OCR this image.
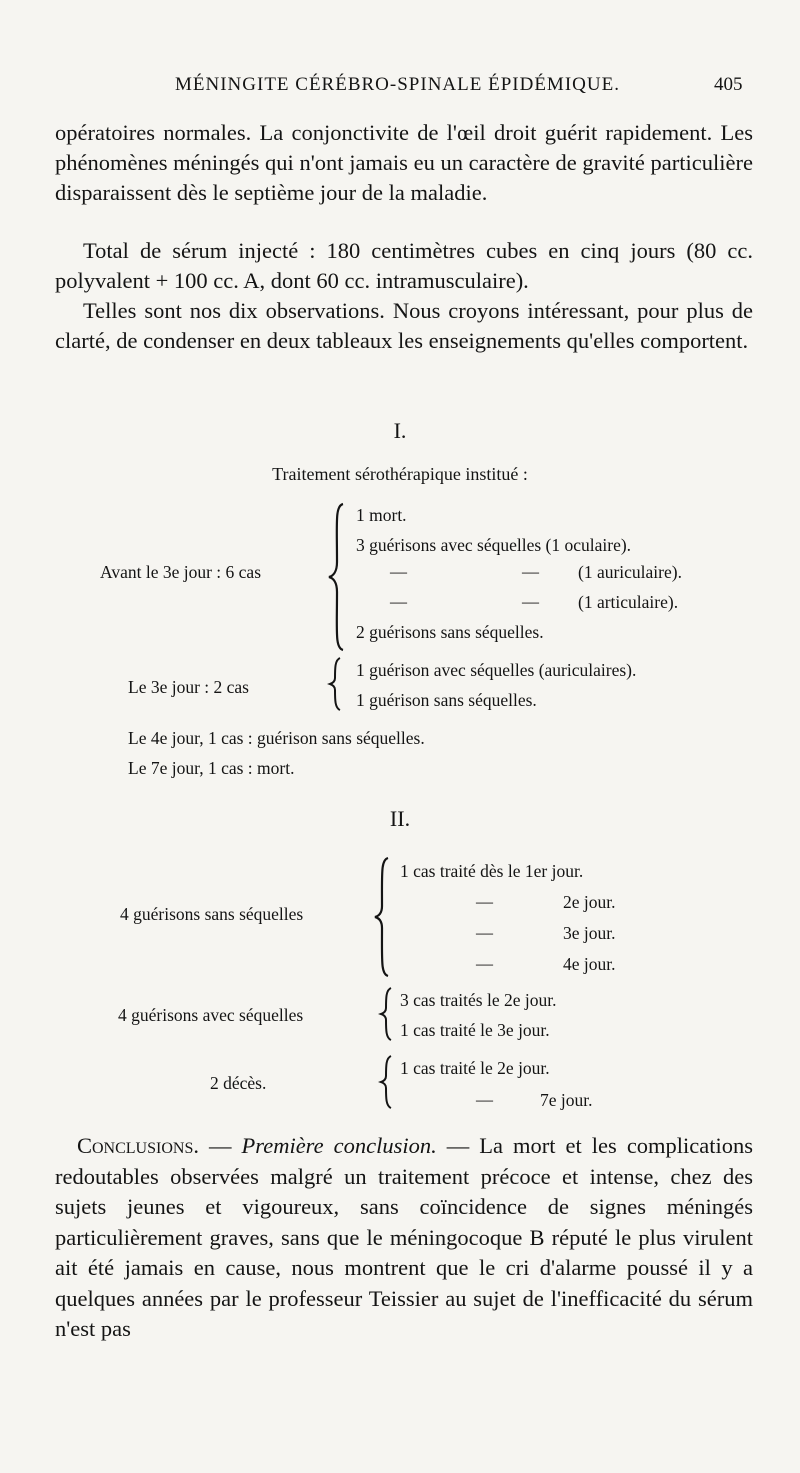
MÉNINGITE CÉRÉBRO-SPINALE ÉPIDÉMIQUE.	405

opératoires normales. La conjonctivite de l'œil droit guérit rapidement. Les phénomènes méningés qui n'ont jamais eu un caractère de gravité particulière disparaissent dès le septième jour de la maladie.

Total de sérum injecté : 180 centimètres cubes en cinq jours (80 cc. polyvalent + 100 cc. A, dont 60 cc. intramusculaire).

Telles sont nos dix observations. Nous croyons intéressant, pour plus de clarté, de condenser en deux tableaux les enseignements qu'elles comportent.

I.
Traitement sérothérapique institué :
Avant le 3e jour : 6 cas
1 mort.
3 guérisons avec séquelles (1 oculaire).
—	— (1 auriculaire).
—	— (1 articulaire).
2 guérisons sans séquelles.
Le 3e jour : 2 cas
1 guérison avec séquelles (auriculaires).
1 guérison sans séquelles.
Le 4e jour, 1 cas : guérison sans séquelles.
Le 7e jour, 1 cas : mort.
II.
4 guérisons sans séquelles
1 cas traité dès le 1er jour.
—	2e jour.
—	3e jour.
—	4e jour.
4 guérisons avec séquelles
3 cas traités le 2e jour.
1 cas traité le 3e jour.
2 décès.
1 cas traité le 2e jour.
—	7e jour.

Conclusions. — Première conclusion. — La mort et les complications redoutables observées malgré un traitement précoce et intense, chez des sujets jeunes et vigoureux, sans coïncidence de signes méningés particulièrement graves, sans que le méningocoque B réputé le plus virulent ait été jamais en cause, nous montrent que le cri d'alarme poussé il y a quelques années par le professeur Teissier au sujet de l'inefficacité du sérum n'est pas
